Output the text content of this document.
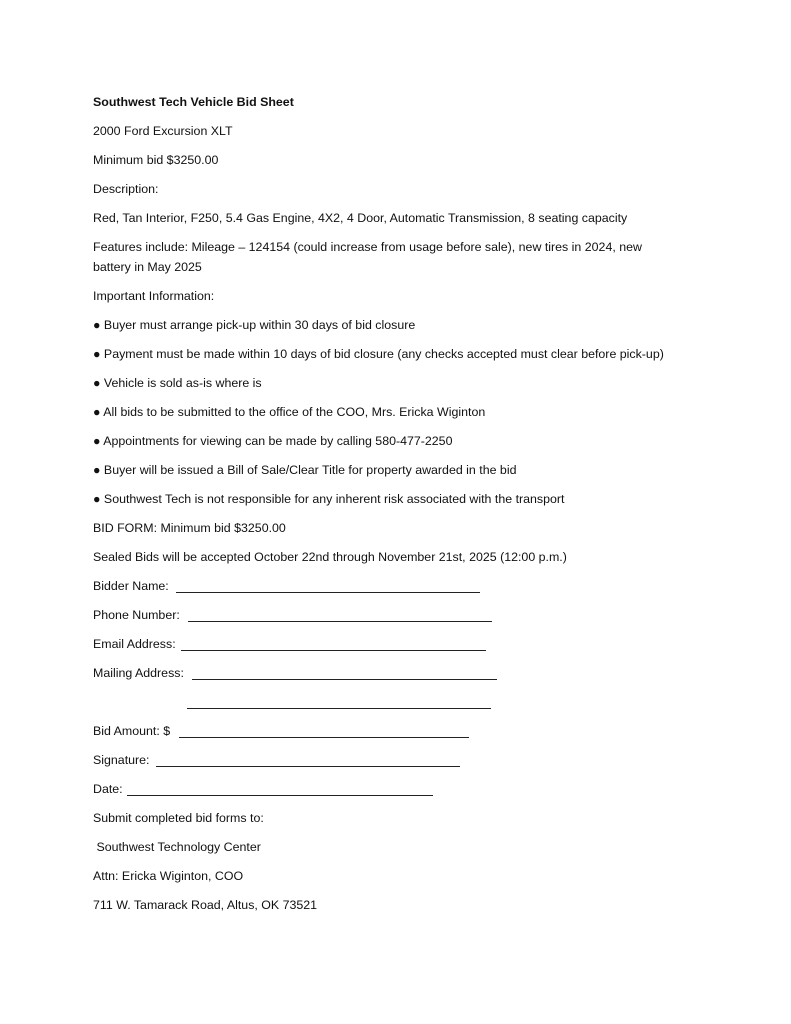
Southwest Tech Vehicle Bid Sheet
2000 Ford Excursion XLT
Minimum bid $3250.00
Description:
Red, Tan Interior, F250, 5.4 Gas Engine, 4X2, 4 Door, Automatic Transmission, 8 seating capacity
Features include: Mileage – 124154 (could increase from usage before sale), new tires in 2024, new
battery in May 2025
Important Information:
● Buyer must arrange pick-up within 30 days of bid closure
● Payment must be made within 10 days of bid closure (any checks accepted must clear before pick-up)
● Vehicle is sold as-is where is
● All bids to be submitted to the office of the COO, Mrs. Ericka Wiginton
● Appointments for viewing can be made by calling 580-477-2250
● Buyer will be issued a Bill of Sale/Clear Title for property awarded in the bid
● Southwest Tech is not responsible for any inherent risk associated with the transport
BID FORM: Minimum bid $3250.00
Sealed Bids will be accepted October 22nd through November 21st, 2025 (12:00 p.m.)
Bidder Name:
Phone Number:
Email Address:
Mailing Address:
Bid Amount: $
Signature:
Date:
Submit completed bid forms to:
Southwest Technology Center
Attn: Ericka Wiginton, COO
711 W. Tamarack Road, Altus, OK 73521
